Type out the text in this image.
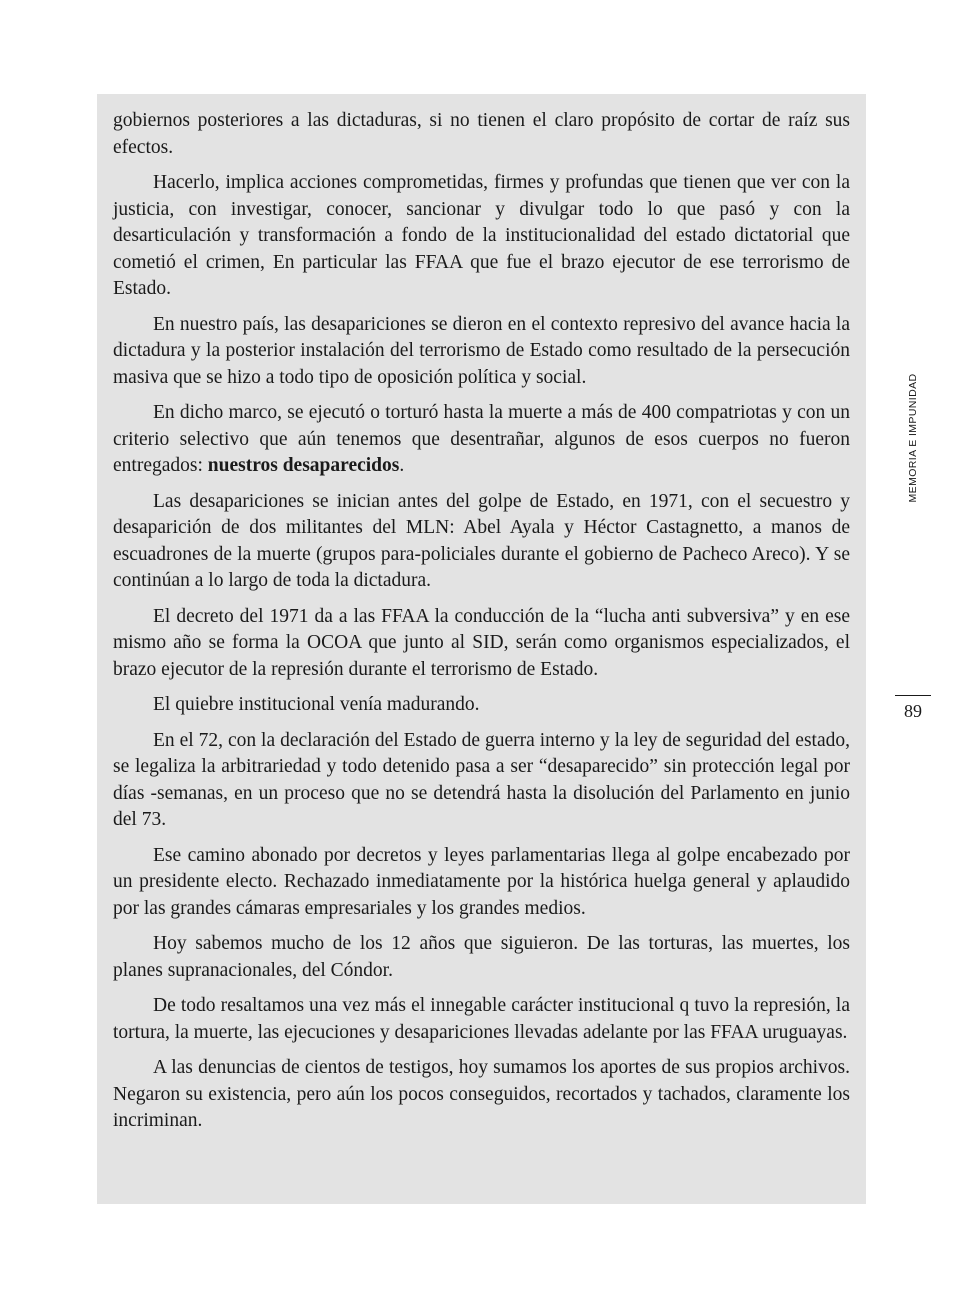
gobiernos posteriores a las dictaduras, si no tienen el claro propósito de cortar de raíz sus efectos.

Hacerlo, implica acciones comprometidas, firmes y profundas que tienen que ver con la justicia, con investigar, conocer, sancionar y divulgar todo lo que pasó y con la desarticulación y transformación a fondo de la institucionalidad del estado dictatorial que cometió el crimen, En particular las FFAA que fue el brazo ejecutor de ese terrorismo de Estado.

En nuestro país, las desapariciones se dieron en el contexto represivo del avance hacia la dictadura y la posterior instalación del terrorismo de Estado como resultado de la persecución masiva que se hizo a todo tipo de oposición política y social.

En dicho marco, se ejecutó o torturó hasta la muerte a más de 400 compatriotas y con un criterio selectivo que aún tenemos que desentrañar, algunos de esos cuerpos no fueron entregados: nuestros desaparecidos.

Las desapariciones se inician antes del golpe de Estado, en 1971, con el secuestro y desaparición de dos militantes del MLN: Abel Ayala y Héctor Castagnetto, a manos de escuadrones de la muerte (grupos para-policiales durante el gobierno de Pacheco Areco). Y se continúan a lo largo de toda la dictadura.

El decreto del 1971 da a las FFAA la conducción de la “lucha anti subversiva” y en ese mismo año se forma la OCOA que junto al SID, serán como organismos especializados, el brazo ejecutor de la represión durante el terrorismo de Estado.

El quiebre institucional venía madurando.

En el 72, con la declaración del Estado de guerra interno y la ley de seguridad del estado, se legaliza la arbitrariedad y todo detenido pasa a ser “desaparecido” sin protección legal por días -semanas, en un proceso que no se detendrá hasta la disolución del Parlamento en junio del 73.

Ese camino abonado por decretos y leyes parlamentarias llega al golpe encabezado por un presidente electo. Rechazado inmediatamente por la histórica huelga general y aplaudido por las grandes cámaras empresariales y los grandes medios.

Hoy sabemos mucho de los 12 años que siguieron. De las torturas, las muertes, los planes supranacionales, del Cóndor.

De todo resaltamos una vez más el innegable carácter institucional q tuvo la represión, la tortura, la muerte, las ejecuciones y desapariciones llevadas adelante por las FFAA uruguayas.

A las denuncias de cientos de testigos, hoy sumamos los aportes de sus propios archivos. Negaron su existencia, pero aún los pocos conseguidos, recortados y tachados, claramente los incriminan.

MEMORIA E IMPUNIDAD
89
